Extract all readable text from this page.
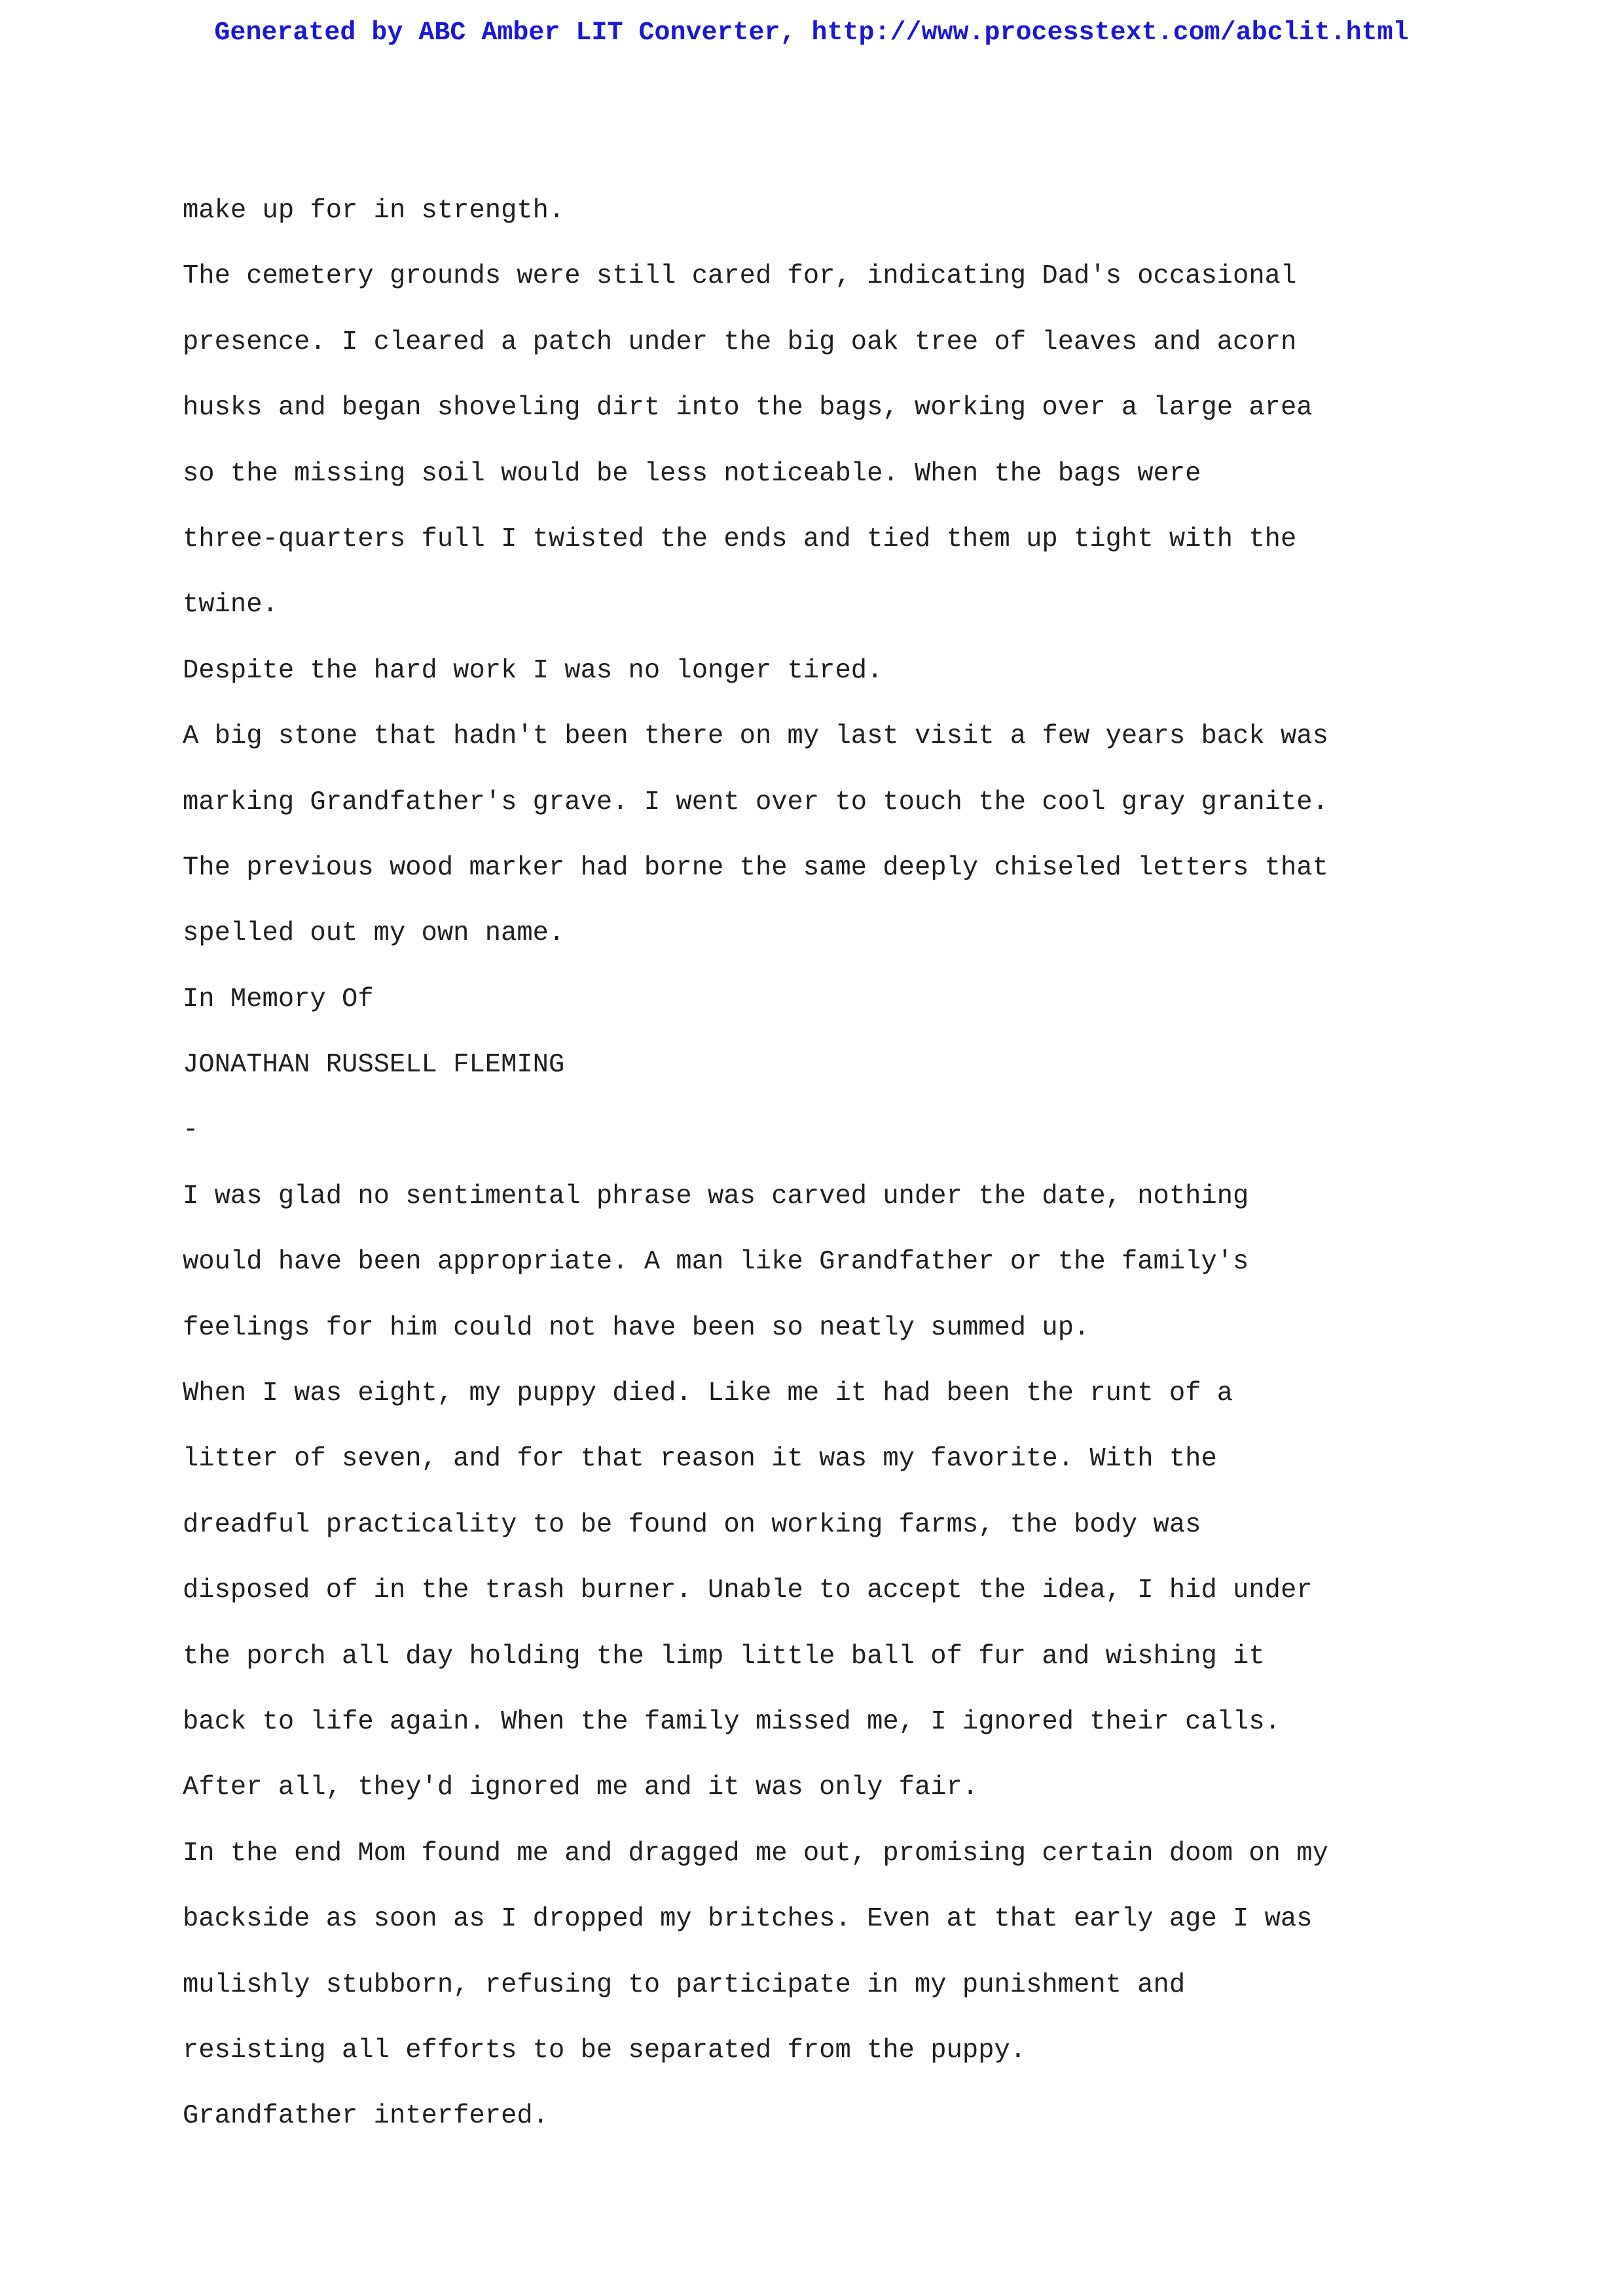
Generated by ABC Amber LIT Converter, http://www.processtext.com/abclit.html
make up for in strength.
The cemetery grounds were still cared for, indicating Dad's occasional
presence. I cleared a patch under the big oak tree of leaves and acorn
husks and began shoveling dirt into the bags, working over a large area
so the missing soil would be less noticeable. When the bags were
three-quarters full I twisted the ends and tied them up tight with the
twine.
Despite the hard work I was no longer tired.
A big stone that hadn't been there on my last visit a few years back was
marking Grandfather's grave. I went over to touch the cool gray granite.
The previous wood marker had borne the same deeply chiseled letters that
spelled out my own name.
In Memory Of
JONATHAN RUSSELL FLEMING
-
I was glad no sentimental phrase was carved under the date, nothing
would have been appropriate. A man like Grandfather or the family's
feelings for him could not have been so neatly summed up.
When I was eight, my puppy died. Like me it had been the runt of a
litter of seven, and for that reason it was my favorite. With the
dreadful practicality to be found on working farms, the body was
disposed of in the trash burner. Unable to accept the idea, I hid under
the porch all day holding the limp little ball of fur and wishing it
back to life again. When the family missed me, I ignored their calls.
After all, they'd ignored me and it was only fair.
In the end Mom found me and dragged me out, promising certain doom on my
backside as soon as I dropped my britches. Even at that early age I was
mulishly stubborn, refusing to participate in my punishment and
resisting all efforts to be separated from the puppy.
Grandfather interfered.
